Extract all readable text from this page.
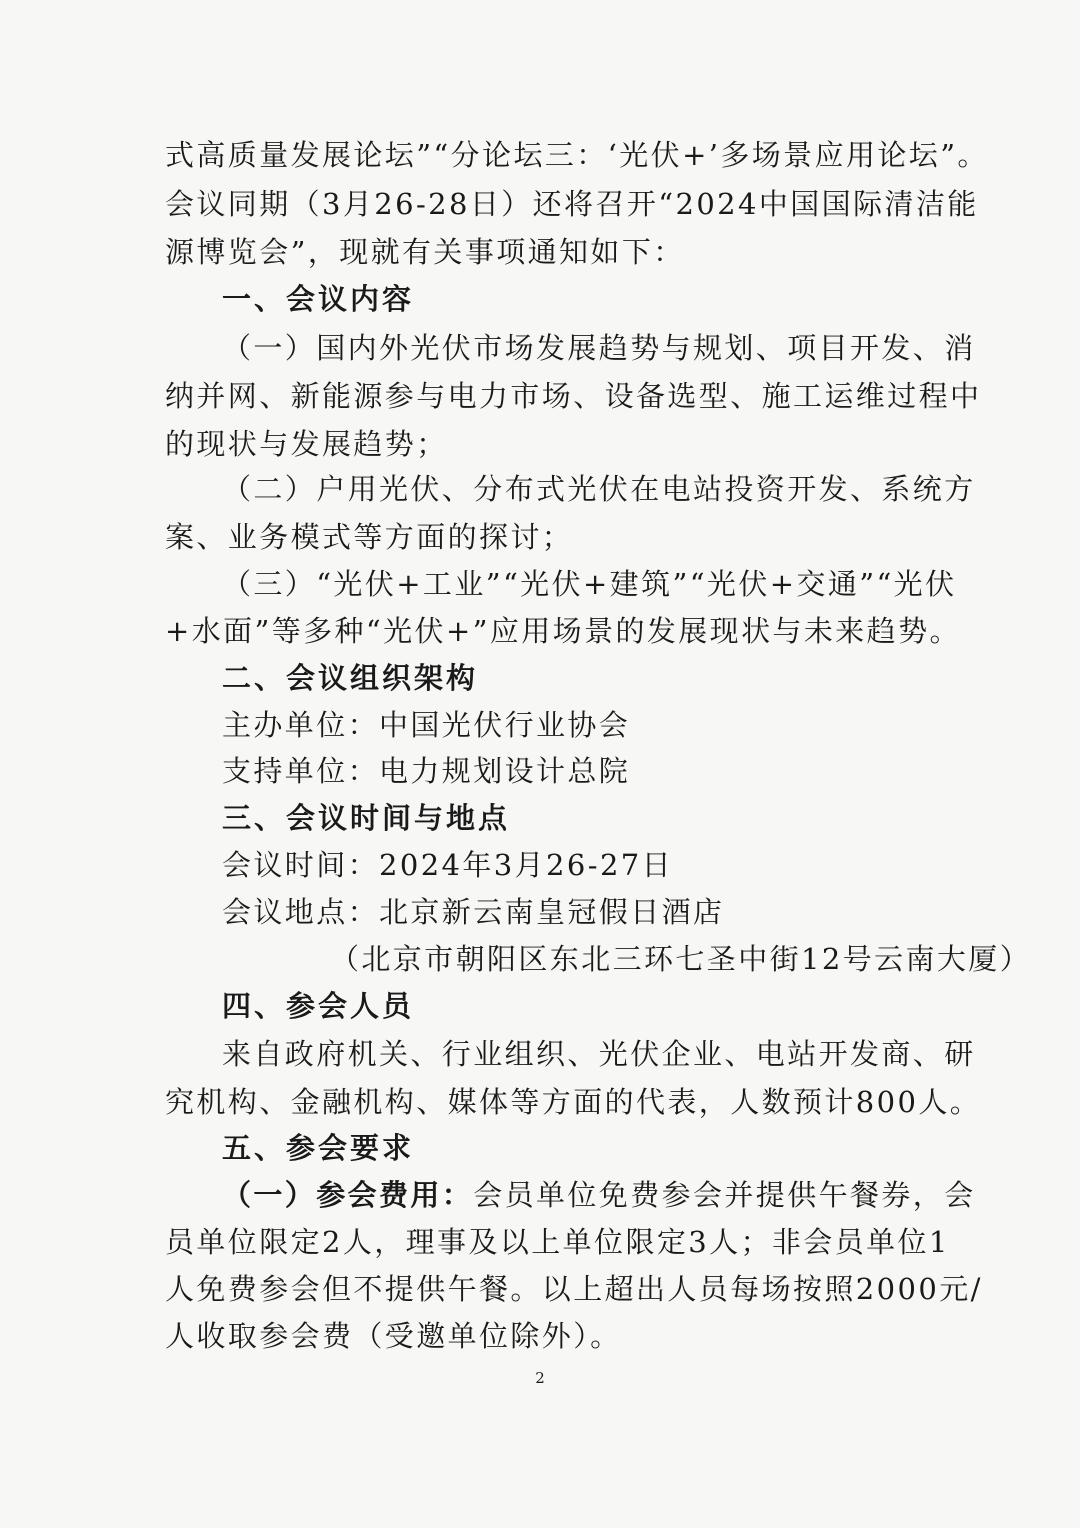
式高质量发展论坛”“分论坛三：‘光伏+’多场景应用论坛”。
会议同期（3月26-28日）还将召开“2024中国国际清洁能
源博览会”，现就有关事项通知如下：
一、会议内容
（一）国内外光伏市场发展趋势与规划、项目开发、消
纳并网、新能源参与电力市场、设备选型、施工运维过程中
的现状与发展趋势；
（二）户用光伏、分布式光伏在电站投资开发、系统方
案、业务模式等方面的探讨；
（三）“光伏+工业”“光伏+建筑”“光伏+交通”“光伏
+水面”等多种“光伏+”应用场景的发展现状与未来趋势。
二、会议组织架构
主办单位：中国光伏行业协会
支持单位：电力规划设计总院
三、会议时间与地点
会议时间：2024年3月26-27日
会议地点：北京新云南皇冠假日酒店
（北京市朝阳区东北三环七圣中街12号云南大厦）
四、参会人员
来自政府机关、行业组织、光伏企业、电站开发商、研
究机构、金融机构、媒体等方面的代表，人数预计800人。
五、参会要求
（一）参会费用：会员单位免费参会并提供午餐券，会
员单位限定2人，理事及以上单位限定3人；非会员单位1
人免费参会但不提供午餐。以上超出人员每场按照2000元/
人收取参会费（受邀单位除外）。
2
